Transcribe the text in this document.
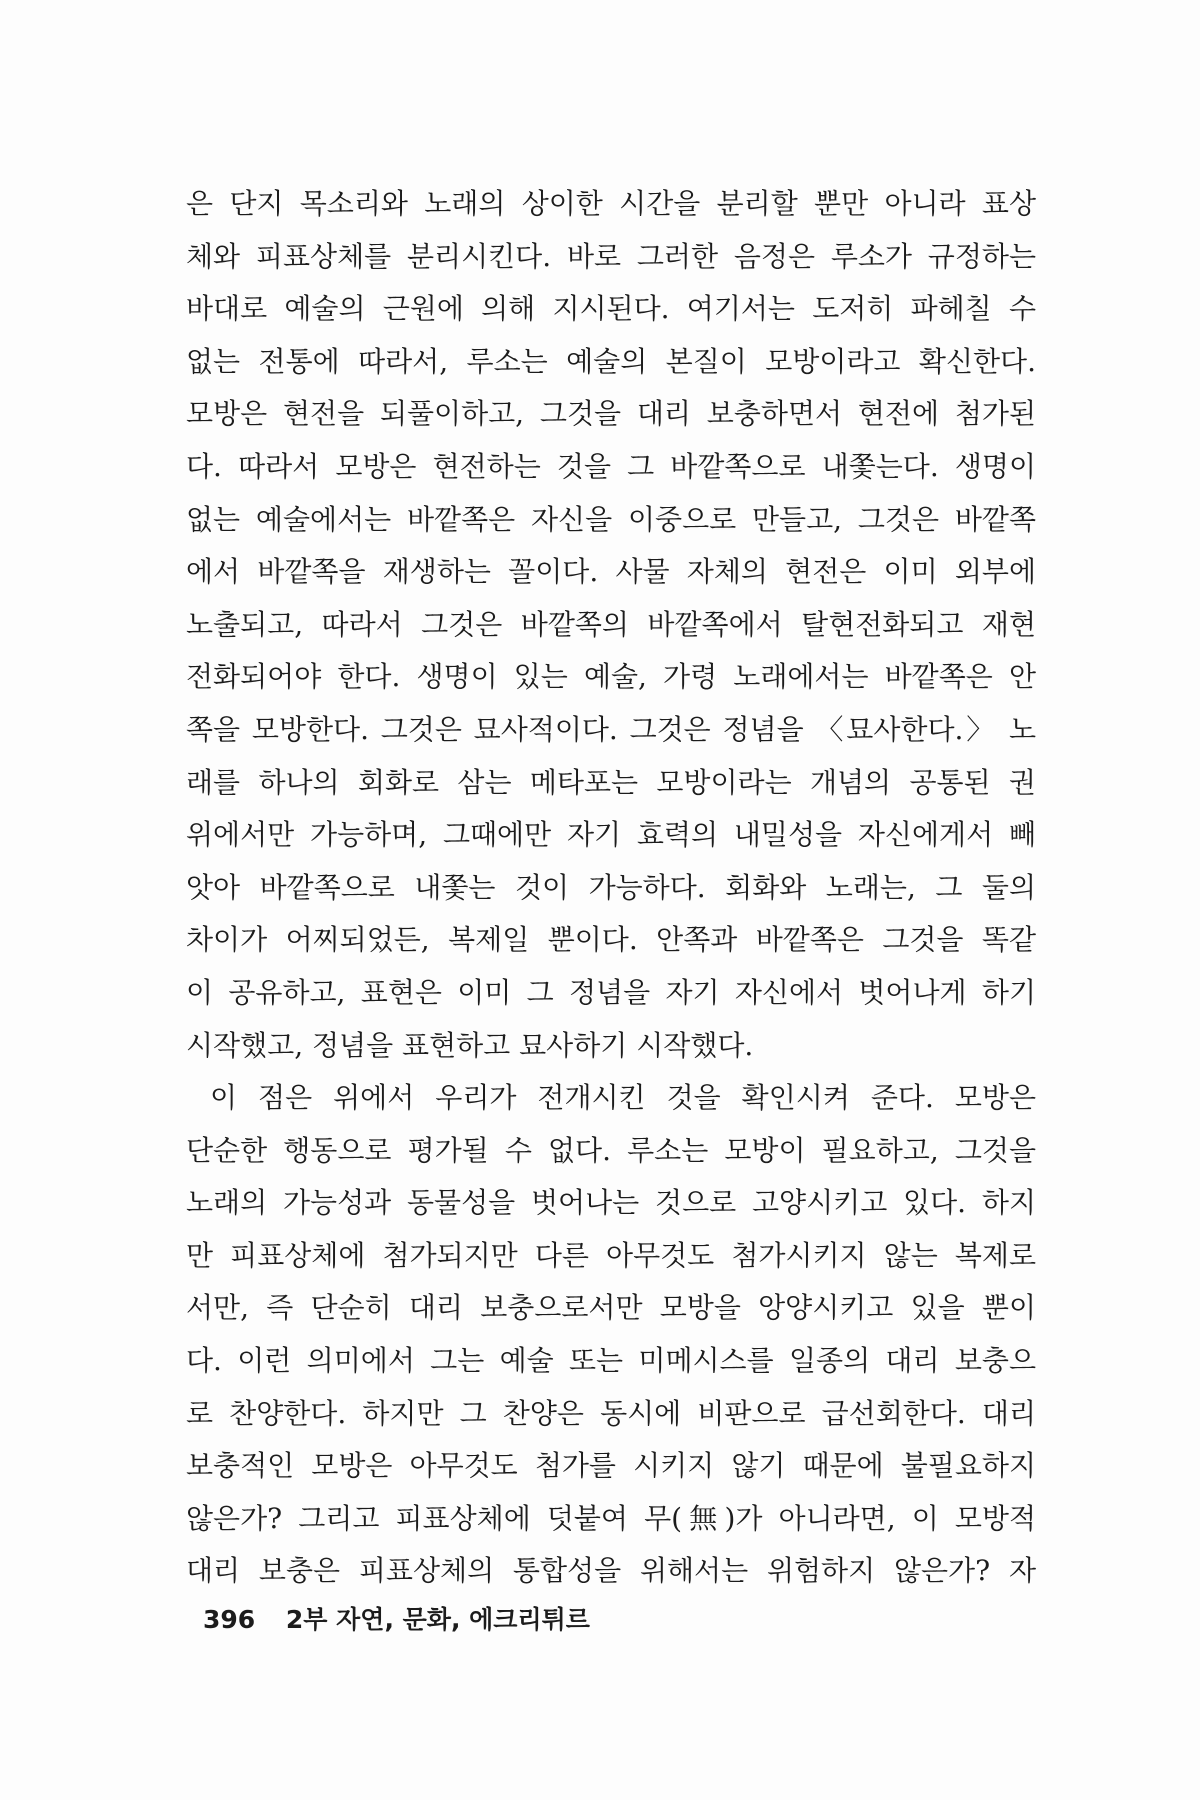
은 단지 목소리와 노래의 상이한 시간을 분리할 뿐만 아니라 표상
체와 피표상체를 분리시킨다. 바로 그러한 음정은 루소가 규정하는
바대로 예술의 근원에 의해 지시된다. 여기서는 도저히 파헤칠 수
없는 전통에 따라서, 루소는 예술의 본질이 모방이라고 확신한다.
모방은 현전을 되풀이하고, 그것을 대리 보충하면서 현전에 첨가된
다. 따라서 모방은 현전하는 것을 그 바깥쪽으로 내쫓는다. 생명이
없는 예술에서는 바깥쪽은 자신을 이중으로 만들고, 그것은 바깥쪽
에서 바깥쪽을 재생하는 꼴이다. 사물 자체의 현전은 이미 외부에
노출되고, 따라서 그것은 바깥쪽의 바깥쪽에서 탈현전화되고 재현
전화되어야 한다. 생명이 있는 예술, 가령 노래에서는 바깥쪽은 안
쪽을 모방한다. 그것은 묘사적이다. 그것은 정념을 〈묘사한다.〉 노
래를 하나의 회화로 삼는 메타포는 모방이라는 개념의 공통된 권
위에서만 가능하며, 그때에만 자기 효력의 내밀성을 자신에게서 빼
앗아 바깥쪽으로 내쫓는 것이 가능하다. 회화와 노래는, 그 둘의
차이가 어찌되었든, 복제일 뿐이다. 안쪽과 바깥쪽은 그것을 똑같
이 공유하고, 표현은 이미 그 정념을 자기 자신에서 벗어나게 하기
시작했고, 정념을 표현하고 묘사하기 시작했다.
이 점은 위에서 우리가 전개시킨 것을 확인시켜 준다. 모방은
단순한 행동으로 평가될 수 없다. 루소는 모방이 필요하고, 그것을
노래의 가능성과 동물성을 벗어나는 것으로 고양시키고 있다. 하지
만 피표상체에 첨가되지만 다른 아무것도 첨가시키지 않는 복제로
서만, 즉 단순히 대리 보충으로서만 모방을 앙양시키고 있을 뿐이
다. 이런 의미에서 그는 예술 또는 미메시스를 일종의 대리 보충으
로 찬양한다. 하지만 그 찬양은 동시에 비판으로 급선회한다. 대리
보충적인 모방은 아무것도 첨가를 시키지 않기 때문에 불필요하지
않은가? 그리고 피표상체에 덧붙여 무(無)가 아니라면, 이 모방적
대리 보충은 피표상체의 통합성을 위해서는 위험하지 않은가? 자
396 2부 자연, 문화, 에크리튀르
